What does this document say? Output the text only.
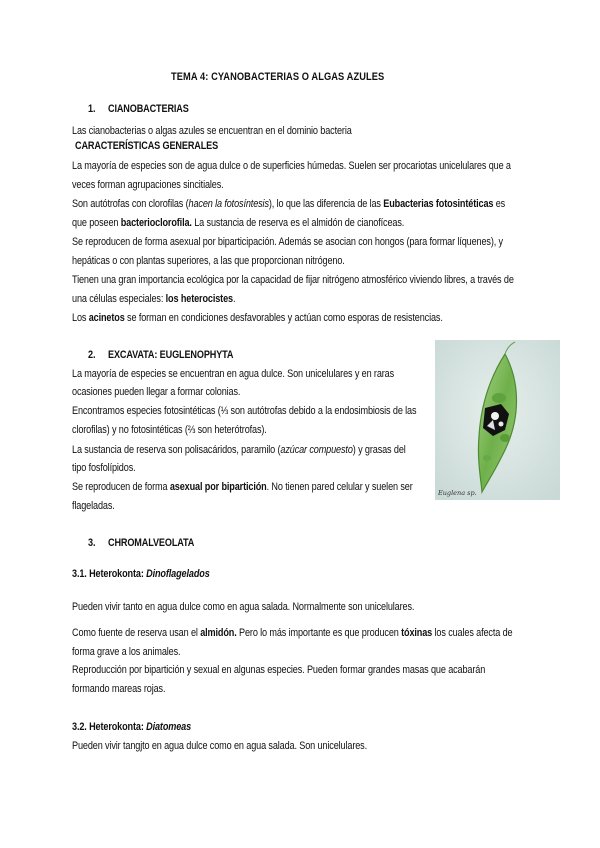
TEMA 4: CYANOBACTERIAS O ALGAS AZULES
1. CIANOBACTERIAS
Las cianobacterias o algas azules se encuentran en el dominio bacteria
CARACTERÍSTICAS GENERALES
La mayoría de especies son de agua dulce o de superficies húmedas. Suelen ser procariotas unicelulares que a
veces forman agrupaciones sincitiales.
Son autótrofas con clorofilas (hacen la fotosíntesis), lo que las diferencia de las Eubacterias fotosintéticas es
que poseen bacterioclorofila. La sustancia de reserva es el almidón de cianofíceas.
Se reproducen de forma asexual por biparticipación. Además se asocian con hongos (para formar líquenes), y
hepáticas o con plantas superiores, a las que proporcionan nitrógeno.
Tienen una gran importancia ecológica por la capacidad de fijar nitrógeno atmosférico viviendo libres, a través de
una células especiales: los heterocistes.
Los acinetos se forman en condiciones desfavorables y actúan como esporas de resistencias.
2. EXCAVATA: EUGLENOPHYTA
La mayoría de especies se encuentran en agua dulce. Son unicelulares y en raras
ocasiones pueden llegar a formar colonias.
Encontramos especies fotosintéticas (⅓ son autótrofas debido a la endosimbiosis de las
clorofilas) y no fotosintéticas (⅔ son heterótrofas).
La sustancia de reserva son polisacáridos, paramilo (azúcar compuesto) y grasas del
tipo fosfolípidos.
Se reproducen de forma asexual por bipartición. No tienen pared celular y suelen ser
flageladas.
Euglena sp.
3. CHROMALVEOLATA
3.1. Heterokonta: Dinoflagelados
Pueden vivir tanto en agua dulce como en agua salada. Normalmente son unicelulares.
Como fuente de reserva usan el almidón. Pero lo más importante es que producen tóxinas los cuales afecta de
forma grave a los animales.
Reproducción por bipartición y sexual en algunas especies. Pueden formar grandes masas que acabarán
formando mareas rojas.
3.2. Heterokonta: Diatomeas
Pueden vivir tangjto en agua dulce como en agua salada. Son unicelulares.
